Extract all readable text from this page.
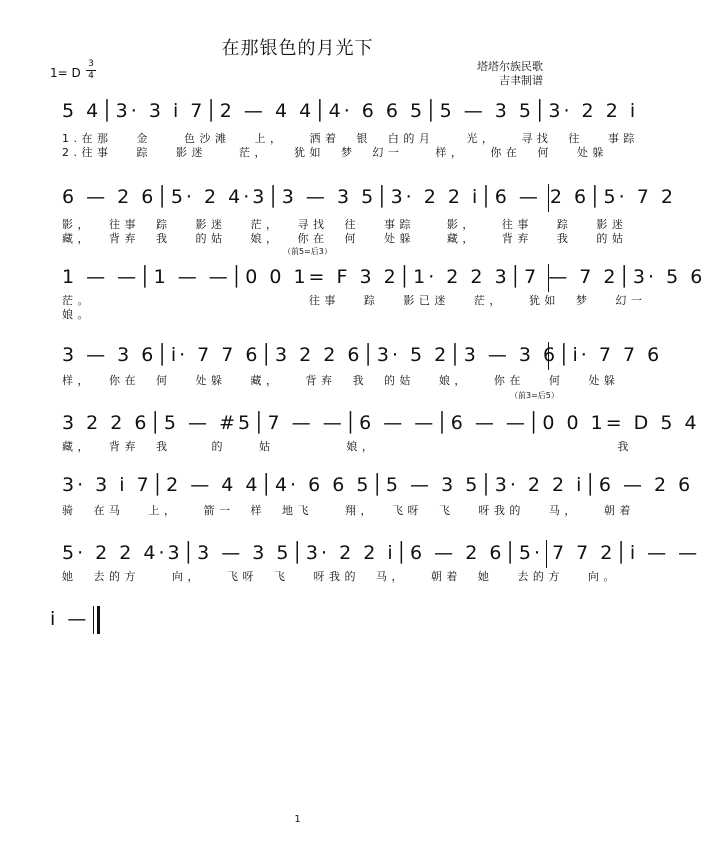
在那银色的月光下
塔塔尔族民歌
吉聿制谱
1= D
3
4
5 4│3· 3 i 7│2 — 4 4│4· 6 6 5│5 — 3 5│3· 2 2 i
1.在那   金    色沙滩   上，   洒着  银  白的月    光，   寻找  往   事踪
2.往事   踪   影迷    茫，   犹如  梦  幻一    样，   你在  何   处躲
6 — 2 6│5· 2 4·3│3 — 3 5│3· 2 2 i│6 — 2 6│5· 7 2
影，  往事  踪   影迷   茫，  寻找  往   事踪    影，   往事   踪   影迷
藏，  背弃  我   的姑   娘，  你在  何   处躲    藏，   背弃   我   的姑
（前5=后3）
1 — —│1 — —│0 0 1= F 3 2│1· 2 2 3│7 — 7 2│3· 5 6
茫。                           往事   踪   影已迷   茫，   犹如  梦   幻一
娘。
3 — 3 6│i· 7 7 6│3 2 2 6│3· 5 2│3 — 3 6│i· 7 7 6
样，  你在  何   处躲   藏，   背弃  我  的姑   娘，   你在   何   处躲
（前3=后5）
3 2 2 6│5 — #5│7 — —│6 — —│6 — —│0 0 1= D 5 4
藏，  背弃  我     的    姑         娘，                              我
3· 3 i 7│2 — 4 4│4· 6 6 5│5 — 3 5│3· 2 2 i│6 — 2 6
骑  在马   上，   箭一  样  地飞    翔，  飞呀  飞   呀我的   马，   朝着
5· 2 2 4·3│3 — 3 5│3· 2 2 i│6 — 2 6│5· 7 7 2│i — —
她  去的方    向，   飞呀  飞   呀我的  马，   朝着  她   去的方   向。
i —
1
